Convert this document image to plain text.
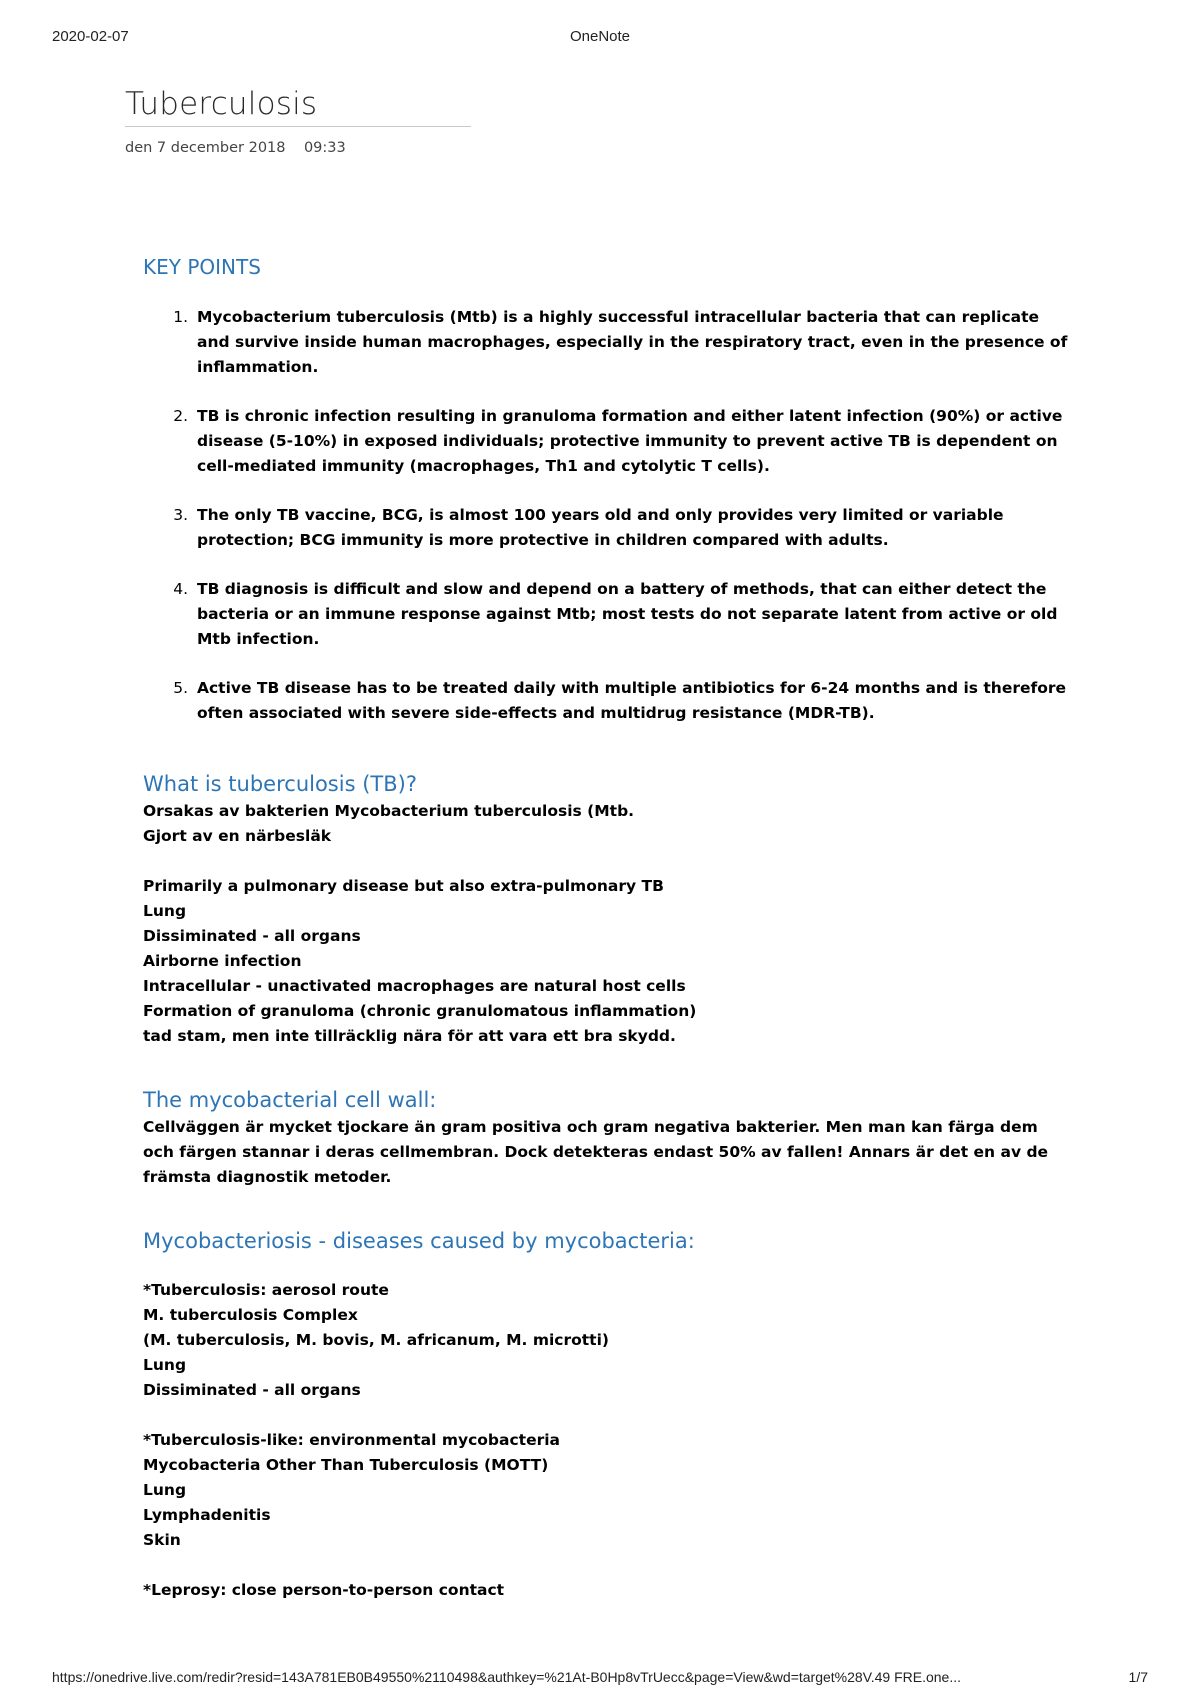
2020-02-07	OneNote
Tuberculosis
den 7 december 2018 09:33
KEY POINTS
1. Mycobacterium tuberculosis (Mtb) is a highly successful intracellular bacteria that can replicate and survive inside human macrophages, especially in the respiratory tract, even in the presence of inflammation.
2. TB is chronic infection resulting in granuloma formation and either latent infection (90%) or active disease (5-10%) in exposed individuals; protective immunity to prevent active TB is dependent on cell-mediated immunity (macrophages, Th1 and cytolytic T cells).
3. The only TB vaccine, BCG, is almost 100 years old and only provides very limited or variable protection; BCG immunity is more protective in children compared with adults.
4. TB diagnosis is difficult and slow and depend on a battery of methods, that can either detect the bacteria or an immune response against Mtb; most tests do not separate latent from active or old Mtb infection.
5. Active TB disease has to be treated daily with multiple antibiotics for 6-24 months and is therefore often associated with severe side-effects and multidrug resistance (MDR-TB).
What is tuberculosis (TB)?
Orsakas av bakterien Mycobacterium tuberculosis (Mtb.
Gjort av en närbesläk
Primarily a pulmonary disease but also extra-pulmonary TB
Lung
Dissiminated - all organs
Airborne infection
Intracellular - unactivated macrophages are natural host cells
Formation of granuloma (chronic granulomatous inflammation)
tad stam, men inte tillräcklig nära för att vara ett bra skydd.
The mycobacterial cell wall:
Cellväggen är mycket tjockare än gram positiva och gram negativa bakterier. Men man kan färga dem och färgen stannar i deras cellmembran. Dock detekteras endast 50% av fallen! Annars är det en av de främsta diagnostik metoder.
Mycobacteriosis - diseases caused by mycobacteria:
*Tuberculosis: aerosol route
M. tuberculosis Complex
(M. tuberculosis, M. bovis, M. africanum, M. microtti)
Lung
Dissiminated - all organs
*Tuberculosis-like: environmental mycobacteria
Mycobacteria Other Than Tuberculosis (MOTT)
Lung
Lymphadenitis
Skin
*Leprosy: close person-to-person contact
https://onedrive.live.com/redir?resid=143A781EB0B49550%2110498&authkey=%21At-B0Hp8vTrUecc&page=View&wd=target%28V.49 FRE.one...	1/7
